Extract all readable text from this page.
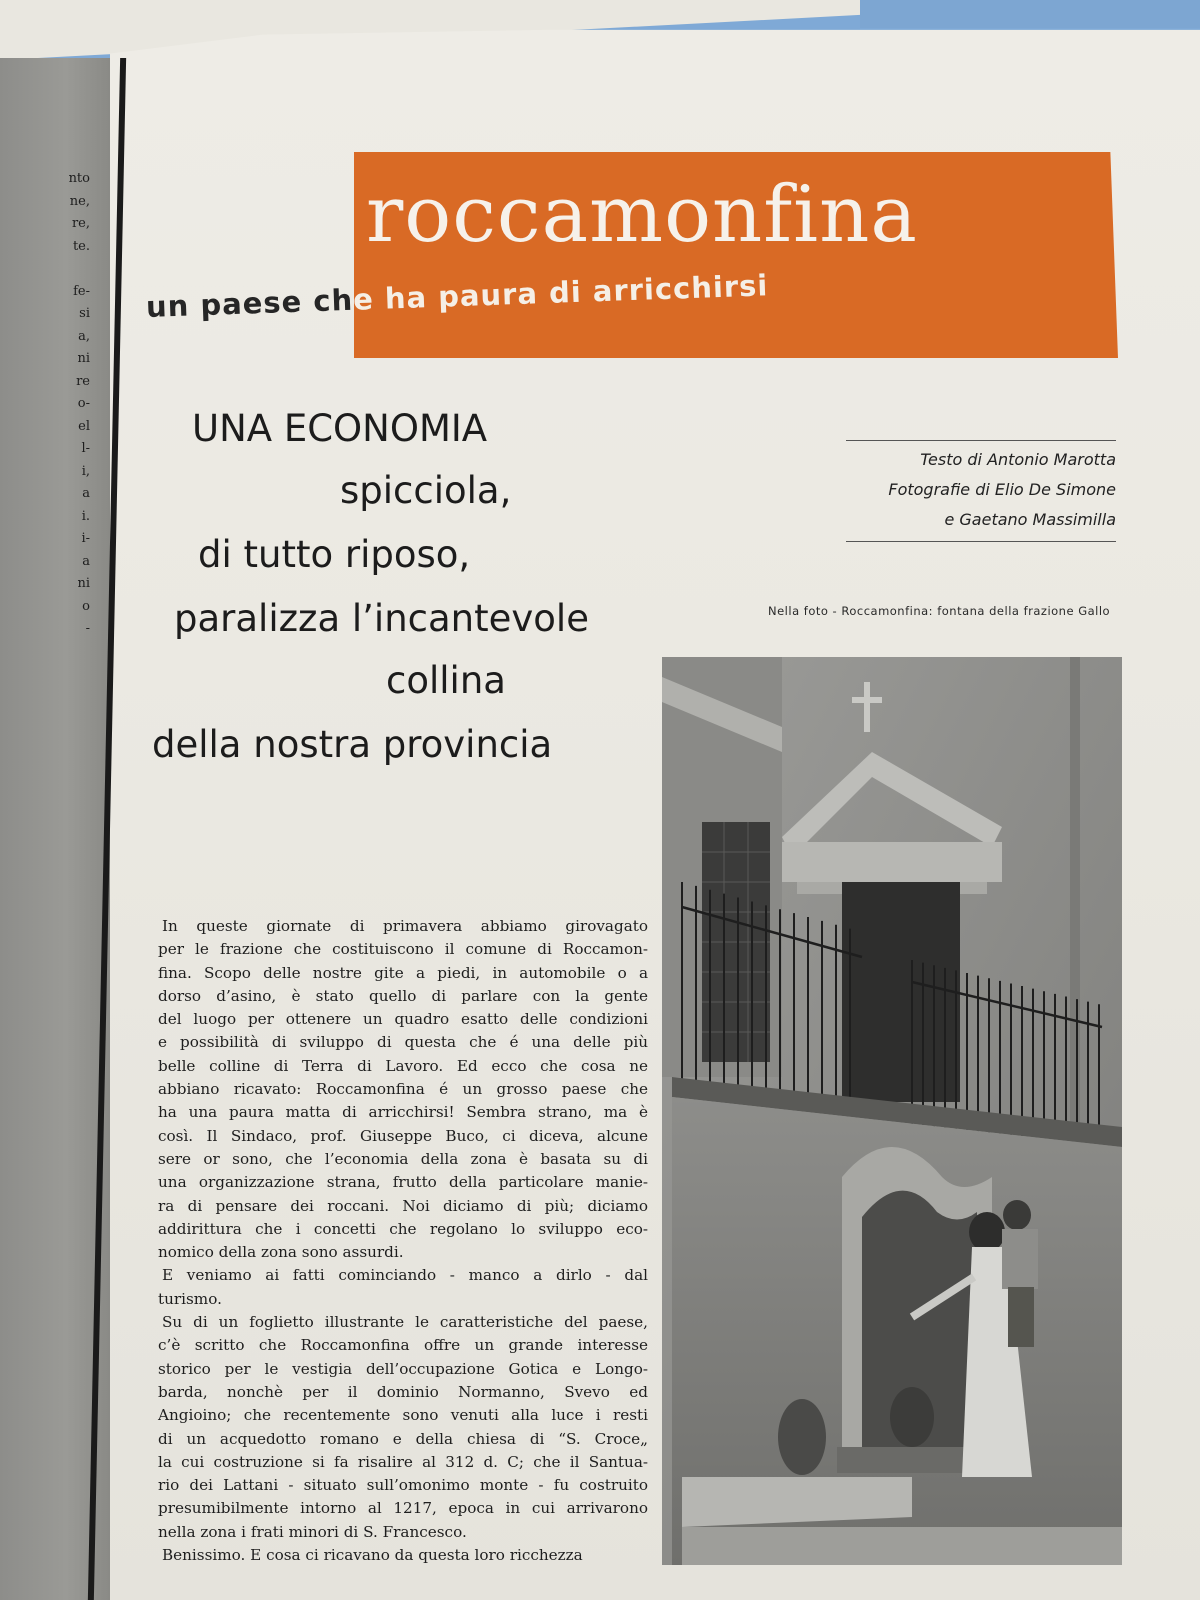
nto
ne,
re,
te.

fe-
si
a,
ni
re
o-
el
l-
i,
a
i.
i-
a
ni
o
-
roccamonfina
un paese che ha paura di arricchirsi
UNA ECONOMIA
spicciola,
di tutto riposo,
paralizza l’incantevole
collina
della nostra provincia
Testo di Antonio Marotta
Fotografie di Elio De Simone
e Gaetano Massimilla
Nella foto - Roccamonfina: fontana della frazione Gallo
In queste giornate di primavera abbiamo girovagato
per le frazione che costituiscono il comune di Roccamon-
fina. Scopo delle nostre gite a piedi, in automobile o a
dorso d’asino, è stato quello di parlare con la gente
del luogo per ottenere un quadro esatto delle condizioni
e possibilità di sviluppo di questa che é una delle più
belle colline di Terra di Lavoro. Ed ecco che cosa ne
abbiano ricavato: Roccamonfina é un grosso paese che
ha una paura matta di arricchirsi! Sembra strano, ma è
così. Il Sindaco, prof. Giuseppe Buco, ci diceva, alcune
sere or sono, che l’economia della zona è basata su di
una organizzazione strana, frutto della particolare manie-
ra di pensare dei roccani. Noi diciamo di più; diciamo
addirittura che i concetti che regolano lo sviluppo eco-
nomico della zona sono assurdi.
E veniamo ai fatti cominciando - manco a dirlo - dal
turismo.
Su di un foglietto illustrante le caratteristiche del paese,
c’è scritto che Roccamonfina offre un grande interesse
storico per le vestigia dell’occupazione Gotica e Longo-
barda, nonchè per il dominio Normanno, Svevo ed
Angioino; che recentemente sono venuti alla luce i resti
di un acquedotto romano e della chiesa di “S. Croce„
la cui costruzione si fa risalire al 312 d. C; che il Santua-
rio dei Lattani - situato sull’omonimo monte - fu costruito
presumibilmente intorno al 1217, epoca in cui arrivarono
nella zona i frati minori di S. Francesco.
Benissimo. E cosa ci ricavano da questa loro ricchezza
